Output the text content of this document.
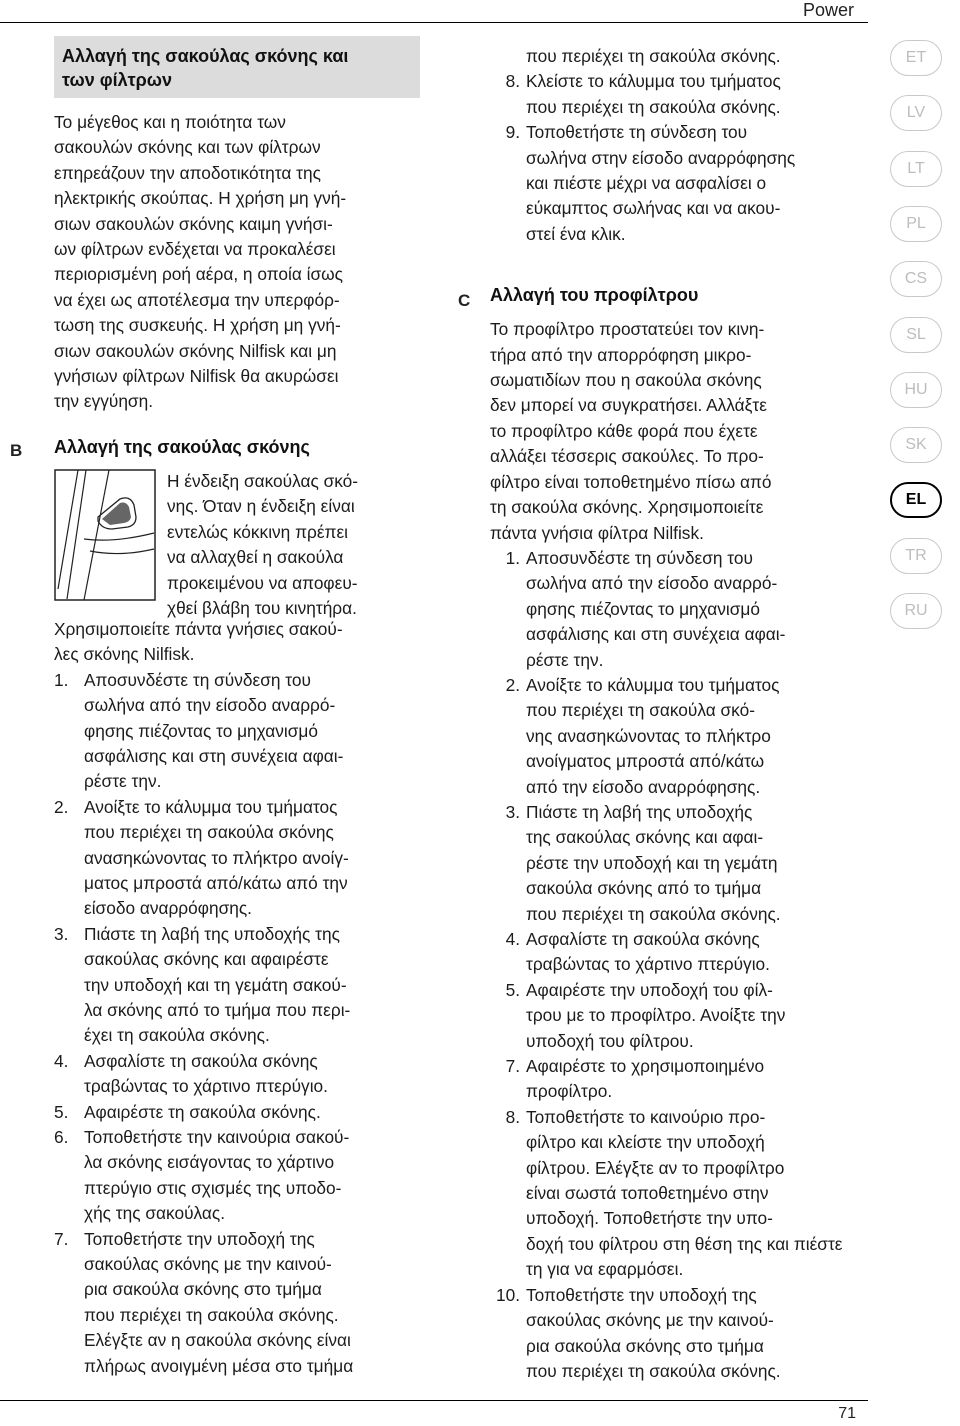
Power
B
C
ET
LV
LT
PL
CS
SL
HU
SK
EL
TR
RU
Αλλαγή της σακούλας σκόνης και
των φίλτρων
Το μέγεθος και η ποιότητα των
σακουλών σκόνης και των φίλτρων
επηρεάζουν την αποδοτικότητα της
ηλεκτρικής σκούπας. Η χρήση μη γνή-
σιων σακουλών σκόνης καιμη γνήσι-
ων φίλτρων ενδέχεται να προκαλέσει
περιορισμένη ροή αέρα, η οποία ίσως
να έχει ως αποτέλεσμα την υπερφόρ-
τωση της συσκευής. Η χρήση μη γνή-
σιων σακουλών σκόνης Nilfisk και μη
γνήσιων φίλτρων Nilfisk θα ακυρώσει
την εγγύηση.
Αλλαγή της σακούλας σκόνης
Η ένδειξη σακούλας σκό-
νης. Όταν η ένδειξη είναι
εντελώς κόκκινη πρέπει
να αλλαχθεί η σακούλα
προκειμένου να αποφευ-
χθεί βλάβη του κινητήρα.
Χρησιμοποιείτε πάντα γνήσιες σακού-
λες σκόνης Nilfisk.
1. Αποσυνδέστε τη σύνδεση του
σωλήνα από την είσοδο αναρρό-
φησης πιέζοντας το μηχανισμό
ασφάλισης και στη συνέχεια αφαι-
ρέστε την.
2. Ανοίξτε το κάλυμμα του τμήματος
που περιέχει τη σακούλα σκόνης
ανασηκώνοντας το πλήκτρο ανοίγ-
ματος μπροστά από/κάτω από την
είσοδο αναρρόφησης.
3. Πιάστε τη λαβή της υποδοχής της
σακούλας σκόνης και αφαιρέστε
την υποδοχή και τη γεμάτη σακού-
λα σκόνης από το τμήμα που περι-
έχει τη σακούλα σκόνης.
4. Ασφαλίστε τη σακούλα σκόνης
τραβώντας το χάρτινο πτερύγιο.
5. Αφαιρέστε τη σακούλα σκόνης.
6. Τοποθετήστε την καινούρια σακού-
λα σκόνης εισάγοντας το χάρτινο
πτερύγιο στις σχισμές της υποδο-
χής της σακούλας.
7. Τοποθετήστε την υποδοχή της
σακούλας σκόνης με την καινού-
ρια σακούλα σκόνης στο τμήμα
που περιέχει τη σακούλα σκόνης.
Ελέγξτε αν η σακούλα σκόνης είναι
πλήρως ανοιγμένη μέσα στο τμήμα
που περιέχει τη σακούλα σκόνης.
8. Κλείστε το κάλυμμα του τμήματος
που περιέχει τη σακούλα σκόνης.
9. Τοποθετήστε τη σύνδεση του
σωλήνα στην είσοδο αναρρόφησης
και πιέστε μέχρι να ασφαλίσει ο
εύκαμπτος σωλήνας και να ακου-
στεί ένα κλικ.
Αλλαγή του προφίλτρου
Το προφίλτρο προστατεύει τον κινη-
τήρα από την απορρόφηση μικρο-
σωματιδίων που η σακούλα σκόνης
δεν μπορεί να συγκρατήσει. Αλλάξτε
το προφίλτρο κάθε φορά που έχετε
αλλάξει τέσσερις σακούλες. Το προ-
φίλτρο είναι τοποθετημένο πίσω από
τη σακούλα σκόνης. Χρησιμοποιείτε
πάντα γνήσια φίλτρα Nilfisk.
1. Αποσυνδέστε τη σύνδεση του
σωλήνα από την είσοδο αναρρό-
φησης πιέζοντας το μηχανισμό
ασφάλισης και στη συνέχεια αφαι-
ρέστε την.
2. Ανοίξτε το κάλυμμα του τμήματος
που περιέχει τη σακούλα σκό-
νης ανασηκώνοντας το πλήκτρο
ανοίγματος μπροστά από/κάτω
από την είσοδο αναρρόφησης.
3. Πιάστε τη λαβή της υποδοχής
της σακούλας σκόνης και αφαι-
ρέστε την υποδοχή και τη γεμάτη
σακούλα σκόνης από το τμήμα
που περιέχει τη σακούλα σκόνης.
4. Ασφαλίστε τη σακούλα σκόνης
τραβώντας το χάρτινο πτερύγιο.
5. Αφαιρέστε την υποδοχή του φίλ-
τρου με το προφίλτρο. Ανοίξτε την
υποδοχή του φίλτρου.
7. Αφαιρέστε το χρησιμοποιημένο
προφίλτρο.
8. Τοποθετήστε το καινούριο προ-
φίλτρο και κλείστε την υποδοχή
φίλτρου. Ελέγξτε αν το προφίλτρο
είναι σωστά τοποθετημένο στην
υποδοχή. Τοποθετήστε την υπο-
δοχή του φίλτρου στη θέση της και πιέστε
τη για να εφαρμόσει.
10. Τοποθετήστε την υποδοχή της
σακούλας σκόνης με την καινού-
ρια σακούλα σκόνης στο τμήμα
που περιέχει τη σακούλα σκόνης.
71
